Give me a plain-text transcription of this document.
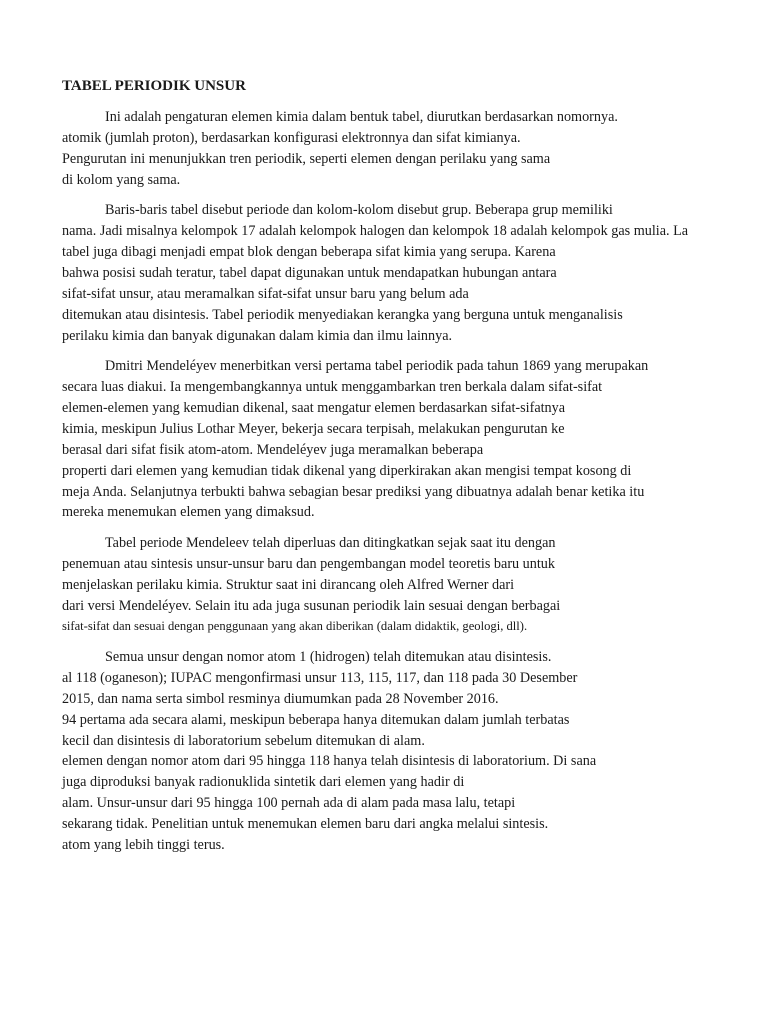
TABEL PERIODIK UNSUR
Ini adalah pengaturan elemen kimia dalam bentuk tabel, diurutkan berdasarkan nomornya.
atomik (jumlah proton), berdasarkan konfigurasi elektronnya dan sifat kimianya.
Pengurutan ini menunjukkan tren periodik, seperti elemen dengan perilaku yang sama
di kolom yang sama.
Baris-baris tabel disebut periode dan kolom-kolom disebut grup. Beberapa grup memiliki
nama. Jadi misalnya kelompok 17 adalah kelompok halogen dan kelompok 18 adalah kelompok gas mulia. La
tabel juga dibagi menjadi empat blok dengan beberapa sifat kimia yang serupa. Karena
bahwa posisi sudah teratur, tabel dapat digunakan untuk mendapatkan hubungan antara
sifat-sifat unsur, atau meramalkan sifat-sifat unsur baru yang belum ada
ditemukan atau disintesis. Tabel periodik menyediakan kerangka yang berguna untuk menganalisis
perilaku kimia dan banyak digunakan dalam kimia dan ilmu lainnya.
Dmitri Mendeléyev menerbitkan versi pertama tabel periodik pada tahun 1869 yang merupakan
secara luas diakui. Ia mengembangkannya untuk menggambarkan tren berkala dalam sifat-sifat
elemen-elemen yang kemudian dikenal, saat mengatur elemen berdasarkan sifat-sifatnya
kimia, meskipun Julius Lothar Meyer, bekerja secara terpisah, melakukan pengurutan ke
berasal dari sifat fisik atom-atom. Mendeléyev juga meramalkan beberapa
properti dari elemen yang kemudian tidak dikenal yang diperkirakan akan mengisi tempat kosong di
meja Anda. Selanjutnya terbukti bahwa sebagian besar prediksi yang dibuatnya adalah benar ketika itu
mereka menemukan elemen yang dimaksud.
Tabel periode Mendeleev telah diperluas dan ditingkatkan sejak saat itu dengan
penemuan atau sintesis unsur-unsur baru dan pengembangan model teoretis baru untuk
menjelaskan perilaku kimia. Struktur saat ini dirancang oleh Alfred Werner dari
dari versi Mendeléyev. Selain itu ada juga susunan periodik lain sesuai dengan berbagai
sifat-sifat dan sesuai dengan penggunaan yang akan diberikan (dalam didaktik, geologi, dll).
Semua unsur dengan nomor atom 1 (hidrogen) telah ditemukan atau disintesis.
al 118 (oganeson); IUPAC mengonfirmasi unsur 113, 115, 117, dan 118 pada 30 Desember
2015, dan nama serta simbol resminya diumumkan pada 28 November 2016.
94 pertama ada secara alami, meskipun beberapa hanya ditemukan dalam jumlah terbatas
kecil dan disintesis di laboratorium sebelum ditemukan di alam.
elemen dengan nomor atom dari 95 hingga 118 hanya telah disintesis di laboratorium. Di sana
juga diproduksi banyak radionuklida sintetik dari elemen yang hadir di
alam. Unsur-unsur dari 95 hingga 100 pernah ada di alam pada masa lalu, tetapi
sekarang tidak. Penelitian untuk menemukan elemen baru dari angka melalui sintesis.
atom yang lebih tinggi terus.
